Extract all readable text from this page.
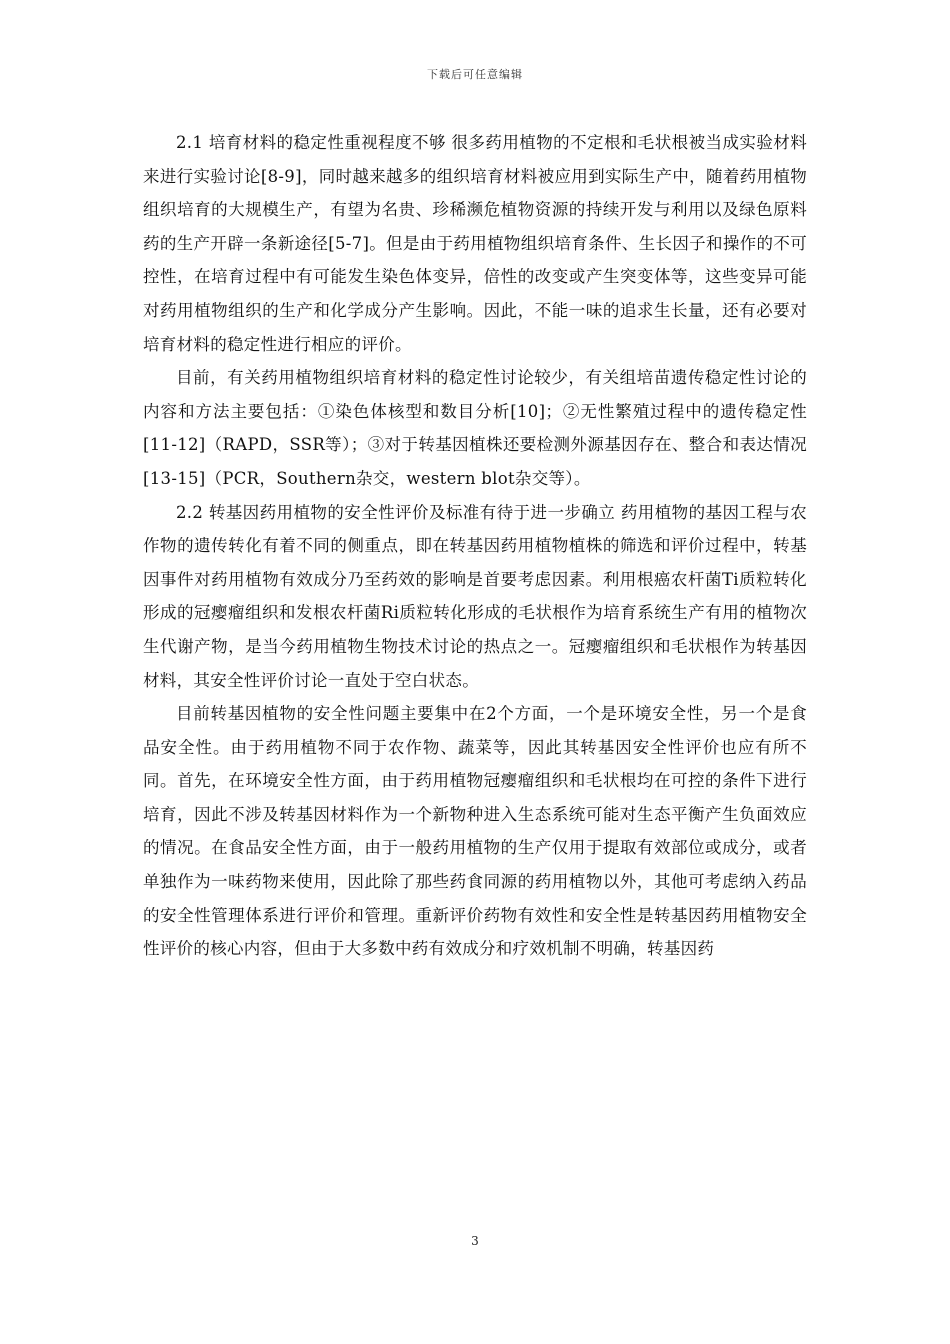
下载后可任意编辑

2.1 培育材料的稳定性重视程度不够 很多药用植物的不定根和毛状根被当成实验材料来进行实验讨论[8-9]，同时越来越多的组织培育材料被应用到实际生产中，随着药用植物组织培育的大规模生产，有望为名贵、珍稀濒危植物资源的持续开发与利用以及绿色原料药的生产开辟一条新途径[5-7]。但是由于药用植物组织培育条件、生长因子和操作的不可控性，在培育过程中有可能发生染色体变异，倍性的改变或产生突变体等，这些变异可能对药用植物组织的生产和化学成分产生影响。因此，不能一味的追求生长量，还有必要对培育材料的稳定性进行相应的评价。

目前，有关药用植物组织培育材料的稳定性讨论较少，有关组培苗遗传稳定性讨论的内容和方法主要包括：①染色体核型和数目分析[10]；②无性繁殖过程中的遗传稳定性[11-12]（RAPD，SSR等）；③对于转基因植株还要检测外源基因存在、整合和表达情况[13-15]（PCR，Southern杂交，western blot杂交等）。

2.2 转基因药用植物的安全性评价及标准有待于进一步确立 药用植物的基因工程与农作物的遗传转化有着不同的侧重点，即在转基因药用植物植株的筛选和评价过程中，转基因事件对药用植物有效成分乃至药效的影响是首要考虑因素。利用根癌农杆菌Ti质粒转化形成的冠瘿瘤组织和发根农杆菌Ri质粒转化形成的毛状根作为培育系统生产有用的植物次生代谢产物，是当今药用植物生物技术讨论的热点之一。冠瘿瘤组织和毛状根作为转基因材料，其安全性评价讨论一直处于空白状态。

目前转基因植物的安全性问题主要集中在2个方面，一个是环境安全性，另一个是食品安全性。由于药用植物不同于农作物、蔬菜等，因此其转基因安全性评价也应有所不同。首先，在环境安全性方面，由于药用植物冠瘿瘤组织和毛状根均在可控的条件下进行培育，因此不涉及转基因材料作为一个新物种进入生态系统可能对生态平衡产生负面效应的情况。在食品安全性方面，由于一般药用植物的生产仅用于提取有效部位或成分，或者单独作为一味药物来使用，因此除了那些药食同源的药用植物以外，其他可考虑纳入药品的安全性管理体系进行评价和管理。重新评价药物有效性和安全性是转基因药用植物安全性评价的核心内容，但由于大多数中药有效成分和疗效机制不明确，转基因药

3
